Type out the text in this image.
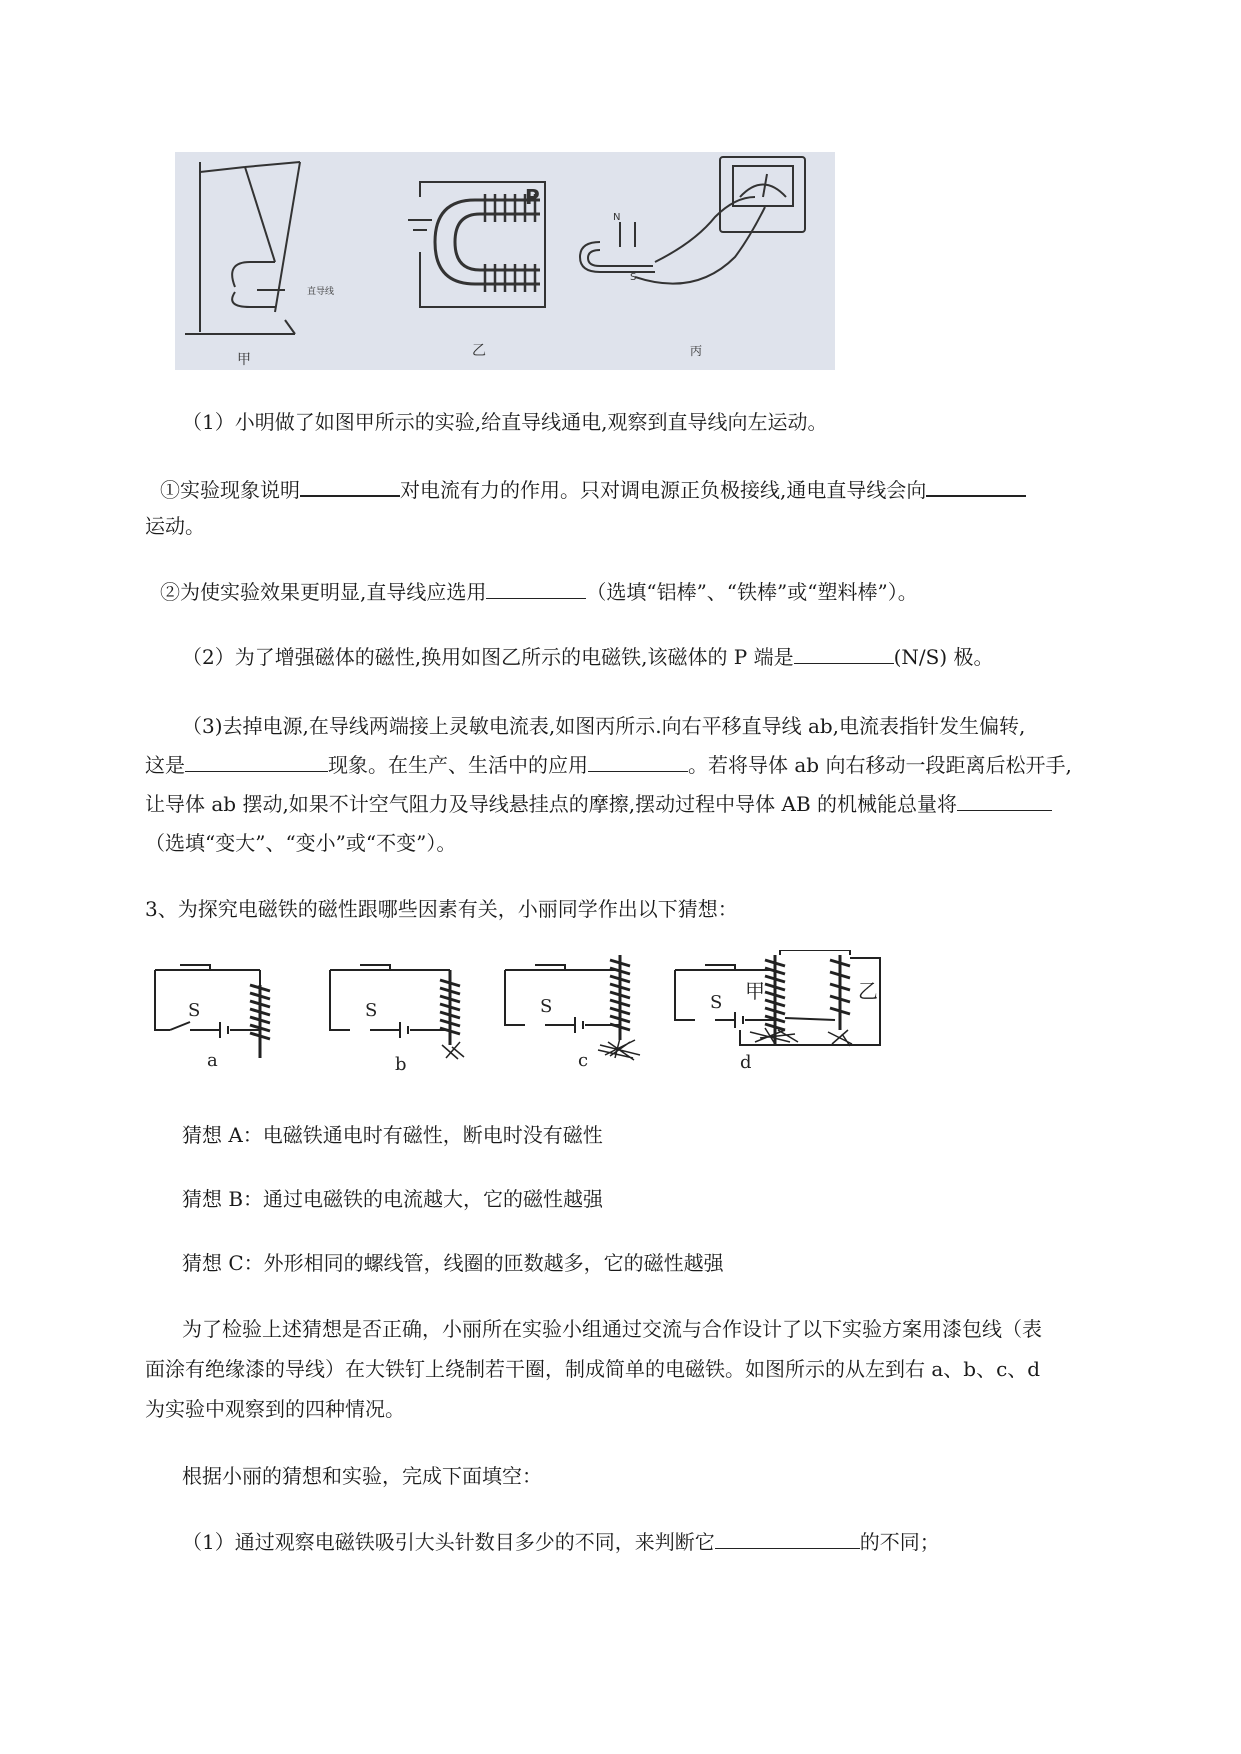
P
直导线
N
S
甲
乙	丙
（1）小明做了如图甲所示的实验,给直导线通电,观察到直导线向左运动。
①实验现象说明	对电流有力的作用。只对调电源正负极接线,通电直导线会向
运动。
②为使实验效果更明显,直导线应选用	（选填“铝棒”、“铁棒”或“塑料棒”）。
（2）为了增强磁体的磁性,换用如图乙所示的电磁铁,该磁体的 P 端是	(N/S) 极。
（3)去掉电源,在导线两端接上灵敏电流表,如图丙所示.向右平移直导线 ab,电流表指针发生偏转,
这是	现象。在生产、生活中的应用	。若将导体 ab 向右移动一段距离后松开手,
让导体 ab 摆动,如果不计空气阻力及导线悬挂点的摩擦,摆动过程中导体 AB 的机械能总量将
（选填“变大”、“变小”或“不变”）。
3、为探究电磁铁的磁性跟哪些因素有关，小丽同学作出以下猜想：
S	S	S	S 甲	乙
a	b	c	d
猜想 A：电磁铁通电时有磁性，断电时没有磁性
猜想 B：通过电磁铁的电流越大，它的磁性越强
猜想 C：外形相同的螺线管，线圈的匝数越多，它的磁性越强
为了检验上述猜想是否正确，小丽所在实验小组通过交流与合作设计了以下实验方案用漆包线（表
面涂有绝缘漆的导线）在大铁钉上绕制若干圈，制成简单的电磁铁。如图所示的从左到右 a、b、c、d
为实验中观察到的四种情况。
根据小丽的猜想和实验，完成下面填空：
（1）通过观察电磁铁吸引大头针数目多少的不同，来判断它	的不同；
